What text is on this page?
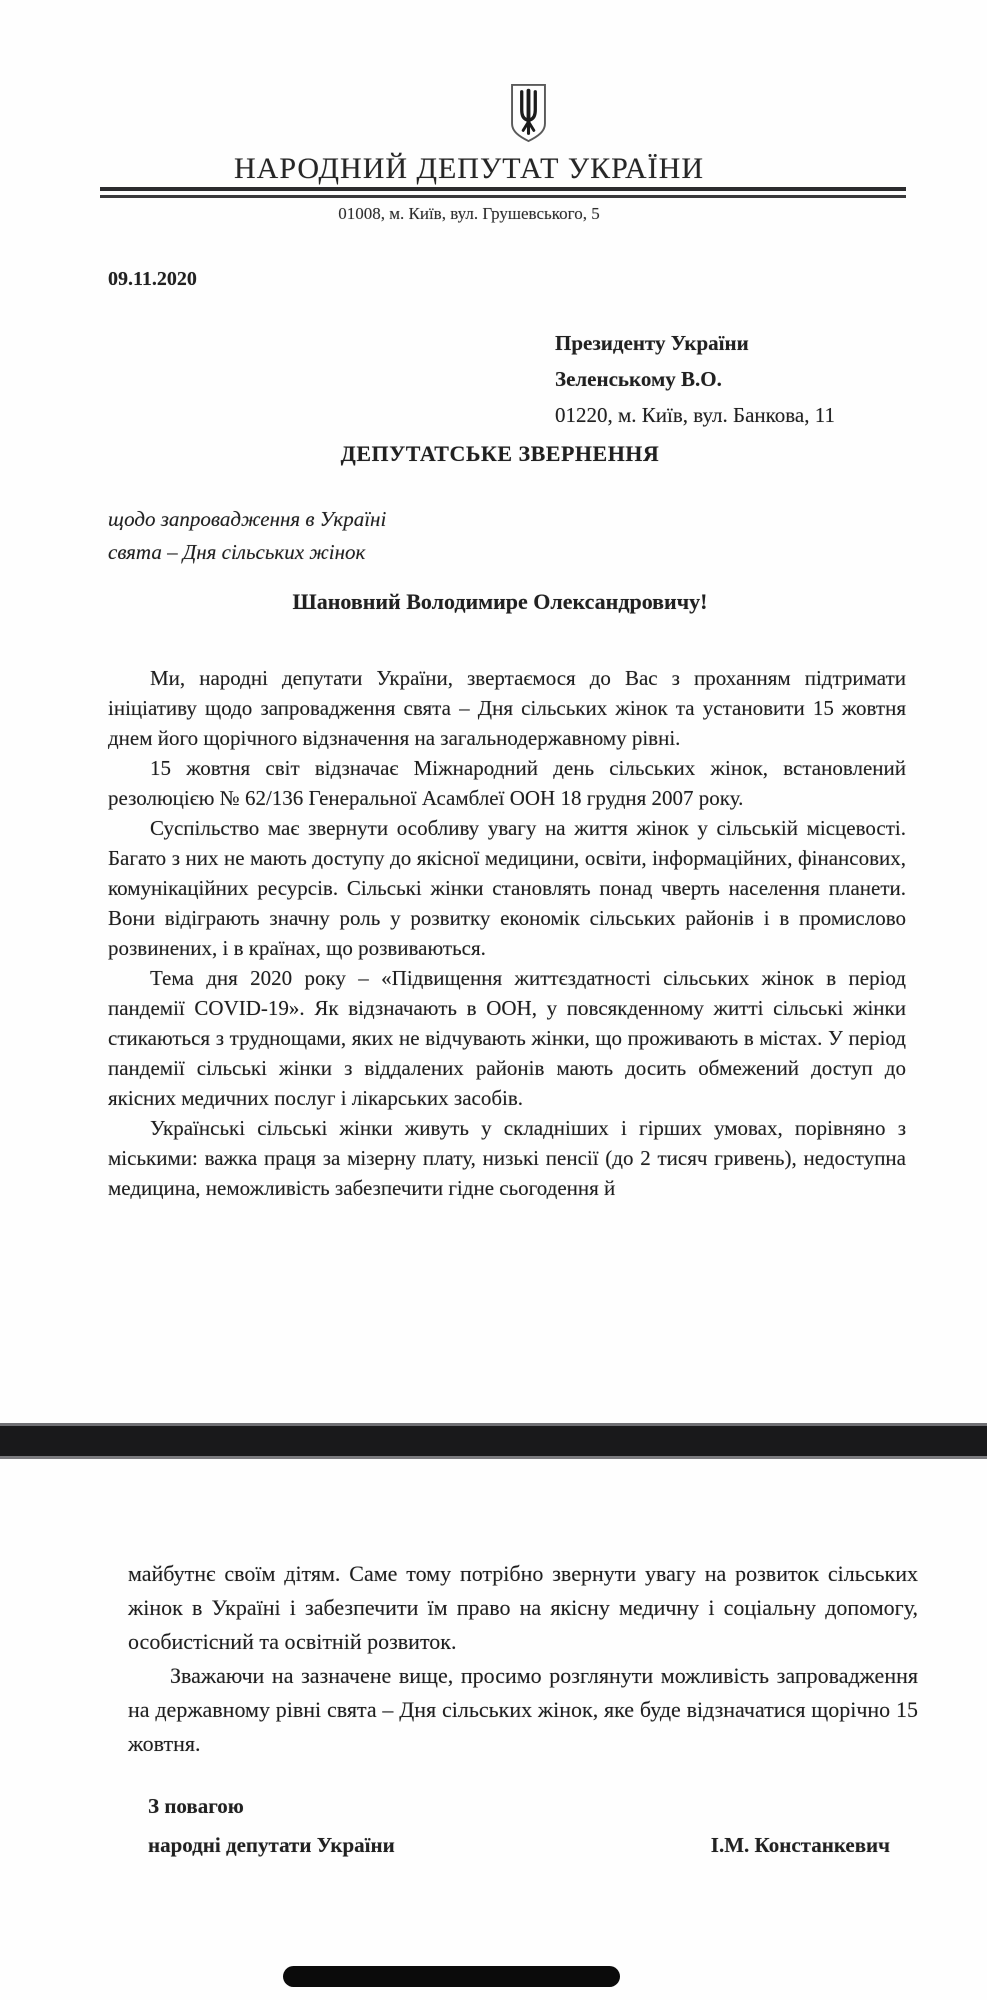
НАРОДНИЙ ДЕПУТАТ УКРАЇНИ
01008, м. Київ, вул. Грушевського, 5
09.11.2020
Президенту України
Зеленському В.О.
01220, м. Київ, вул. Банкова, 11
ДЕПУТАТСЬКЕ ЗВЕРНЕННЯ
щодо запровадження в Україні
свята – Дня сільських жінок
Шановний Володимире Олександровичу!

Ми, народні депутати України, звертаємося до Вас з проханням підтримати ініціативу щодо запровадження свята – Дня сільських жінок та установити 15 жовтня днем його щорічного відзначення на загальнодержавному рівні.

15 жовтня світ відзначає Міжнародний день сільських жінок, встановлений резолюцією № 62/136 Генеральної Асамблеї ООН 18 грудня 2007 року.

Суспільство має звернути особливу увагу на життя жінок у сільській місцевості. Багато з них не мають доступу до якісної медицини, освіти, інформаційних, фінансових, комунікаційних ресурсів. Сільські жінки становлять понад чверть населення планети. Вони відіграють значну роль у розвитку економік сільських районів і в промислово розвинених, і в країнах, що розвиваються.

Тема дня 2020 року – «Підвищення життєздатності сільських жінок в період пандемії COVID-19». Як відзначають в ООН, у повсякденному житті сільські жінки стикаються з труднощами, яких не відчувають жінки, що проживають в містах. У період пандемії сільські жінки з віддалених районів мають досить обмежений доступ до якісних медичних послуг і лікарських засобів.

Українські сільські жінки живуть у складніших і гірших умовах, порівняно з міськими: важка праця за мізерну плату, низькі пенсії (до 2 тисяч гривень), недоступна медицина, неможливість забезпечити гідне сьогодення й

майбутнє своїм дітям. Саме тому потрібно звернути увагу на розвиток сільських жінок в Україні і забезпечити їм право на якісну медичну і соціальну допомогу, особистісний та освітній розвиток.

Зважаючи на зазначене вище, просимо розглянути можливість запровадження на державному рівні свята – Дня сільських жінок, яке буде відзначатися щорічно 15 жовтня.

З повагою
народні депутати України	І.М. Констанкевич
